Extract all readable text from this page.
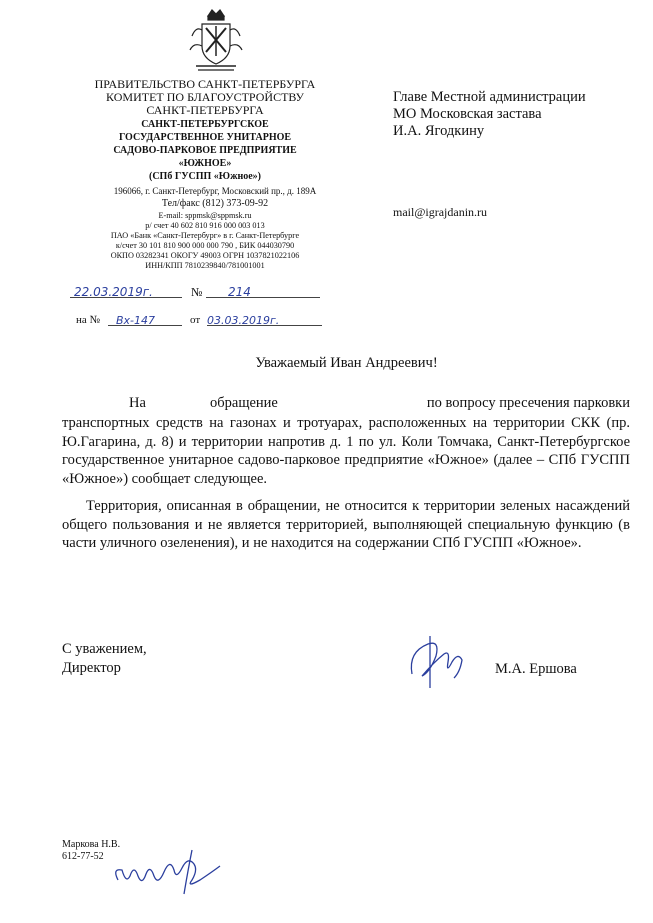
ПРАВИТЕЛЬСТВО САНКТ-ПЕТЕРБУРГА
КОМИТЕТ ПО БЛАГОУСТРОЙСТВУ
САНКТ-ПЕТЕРБУРГА
САНКТ-ПЕТЕРБУРГСКОЕ
ГОСУДАРСТВЕННОЕ УНИТАРНОЕ
САДОВО-ПАРКОВОЕ ПРЕДПРИЯТИЕ
«ЮЖНОЕ»
(СПб ГУСПП «Южное»)
196066, г. Санкт-Петербург, Московский пр., д. 189А
Тел/факс (812) 373-09-92
E-mail: sppmsk@sppmsk.ru
р/ счет 40 602 810 916 000 003 013
ПАО «Банк «Санкт-Петербург» в г. Санкт-Петербурге
к/счет 30 101 810 900 000 000 790 , БИК 044030790
ОКПО 03282341 ОКОГУ 49003 ОГРН 1037821022106
ИНН/КПП 7810239840/781001001
22.03.2019г.	№	214
на №	Вх-147	от 03.03.2019г.
Главе Местной администрации
МО Московская застава
И.А. Ягодкину
mail@igrajdanin.ru
Уважаемый Иван Андреевич!
На	обращение	по вопросу пресечения парковки

транспортных средств на газонах и тротуарах, расположенных на территории СКК (пр. Ю.Гагарина, д. 8) и территории напротив д. 1 по ул. Коли Томчака, Санкт-Петербургское государственное унитарное садово-парковое предприятие «Южное» (далее – СПб ГУСПП «Южное») сообщает следующее.

Территория, описанная в обращении, не относится к территории зеленых насаждений общего пользования и не является территорией, выполняющей специальную функцию (в части уличного озеленения), и не находится на содержании СПб ГУСПП «Южное».

С уважением,
Директор	М.А. Ершова
Маркова Н.В.
612-77-52
